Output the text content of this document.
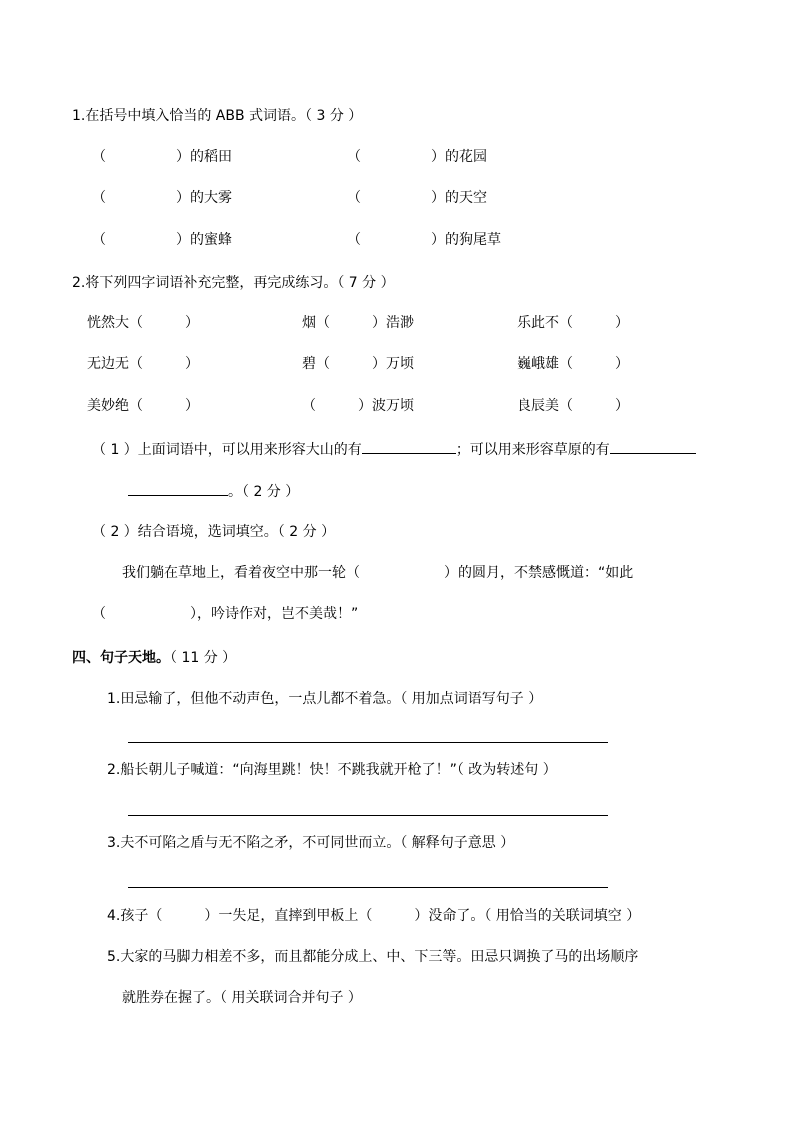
1.在括号中填入恰当的 ABB 式词语。（ 3 分 ）
（	）的稻田	（	）的花园
（	）的大雾	（	）的天空
（	）的蜜蜂	（	）的狗尾草
2.将下列四字词语补充完整，再完成练习。（ 7 分 ）
恍然大（　　　）	烟（　　　）浩渺	乐此不（　　　）
无边无（　　　）	碧（　　　）万顷	巍峨雄（　　　）
美妙绝（　　　）	（　　　）波万顷	良辰美（　　　）
（ 1 ）上面词语中，可以用来形容大山的有	；可以用来形容草原的有
。（ 2 分 ）
（ 2 ）结合语境，选词填空。（ 2 分 ）
我们躺在草地上，看着夜空中那一轮（　　　　　　）的圆月，不禁感慨道：“如此
（　　　　　　），吟诗作对，岂不美哉！”
四、句子天地。（ 11 分 ）
1.田忌输了，但他不动声色，一点儿都不着急。（ 用加点词语写句子 ）
2.船长朝儿子喊道：“向海里跳！快！不跳我就开枪了！”（ 改为转述句 ）
3.夫不可陷之盾与无不陷之矛，不可同世而立。（ 解释句子意思 ）
4.孩子（　　　）一失足，直摔到甲板上（　　　）没命了。（ 用恰当的关联词填空 ）
5.大家的马脚力相差不多，而且都能分成上、中、下三等。田忌只调换了马的出场顺序
就胜券在握了。（ 用关联词合并句子 ）
